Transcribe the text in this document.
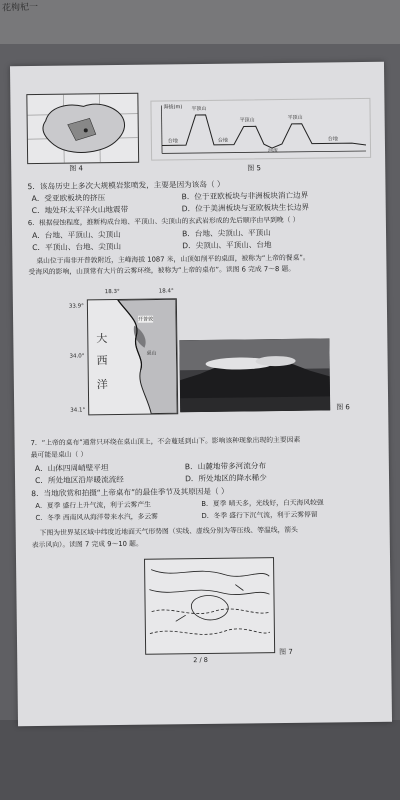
花枸杞一
图 4
海拔(m) 平顶山
平顶山	平顶山
台地	台地
河流
台地
图 5
5．该岛历史上多次大规模岩浆喷发，主要是因为该岛（ ）
A．受亚欧板块的挤压	B．位于亚欧板块与非洲板块消亡边界
C．地处环太平洋火山地震带	D．位于美洲板块与亚欧板块生长边界
6．根据侵蚀程度，推断构成台地、平顶山、尖顶山的玄武岩形成的先后顺序由早到晚（ ）
A．台地、平顶山、尖顶山	B．台地、尖顶山、平顶山
C．平顶山、台地、尖顶山	D．尖顶山、平顶山、台地
桌山位于南非开普敦附近，主峰海拔 1087 米，山顶如削平的桌面，被称为“上帝的餐桌”。
受海风的影响，山顶常有大片的云雾环绕，被称为“上帝的桌布”。读图 6 完成 7～8 题。
大
西
洋
开普敦
桌山
18.3°	18.4°
33.9°
34.0°
34.1°	图 6
7．“上帝的桌布”通常只环绕在桌山顶上，不会蔓延到山下。影响该种现象出现的主要因素
最可能是桌山（ ）
A．山体四周峭壁平坦	B．山麓地带多河流分布
C．所处地区沿岸暖流流经	D．所处地区的降水稀少
8．当地欣赏和拍摄“上帝桌布”的最佳季节及其原因是（ ）
A．夏季 盛行上升气流，利于云雾产生	B．夏季 晴天多，光线好，白天海风较强
C．冬季 西南风从海洋带来水汽，多云雾	D．冬季 盛行下沉气流，利于云雾停留
下图为世界某区域中纬度近地面天气形势图（实线、虚线分别为等压线、等温线，箭头
表示风向）。读图 7 完成 9～10 题。
图 7
2 / 8
